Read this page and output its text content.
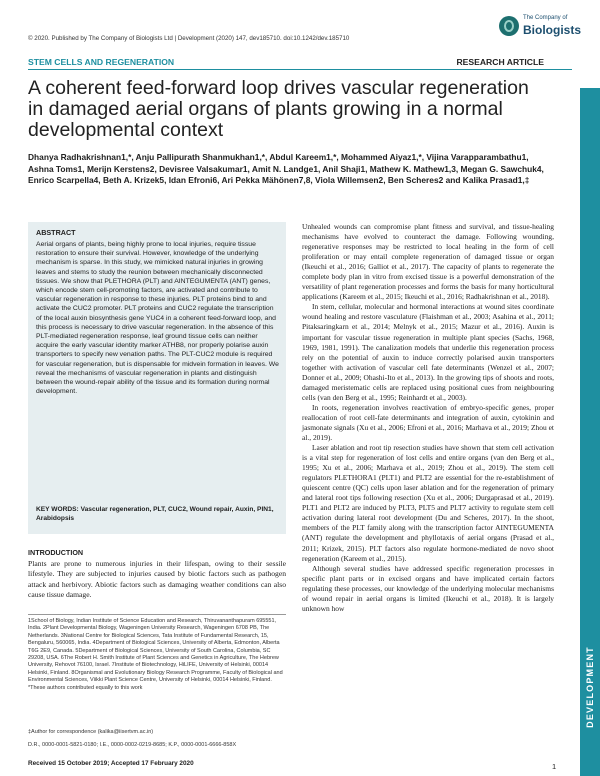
© 2020. Published by The Company of Biologists Ltd | Development (2020) 147, dev185710. doi:10.1242/dev.185710
The Company of
Biologists
STEM CELLS AND REGENERATION	RESEARCH ARTICLE
A coherent feed-forward loop drives vascular regeneration in damaged aerial organs of plants growing in a normal developmental context
Dhanya Radhakrishnan1,*, Anju Pallipurath Shanmukhan1,*, Abdul Kareem1,*, Mohammed Aiyaz1,*, Vijina Varapparambathu1, Ashna Toms1, Merijn Kerstens2, Devisree Valsakumar1, Amit N. Landge1, Anil Shaji1, Mathew K. Mathew1,3, Megan G. Sawchuk4, Enrico Scarpella4, Beth A. Krizek5, Idan Efroni6, Ari Pekka Mähönen7,8, Viola Willemsen2, Ben Scheres2 and Kalika Prasad1,‡
ABSTRACT
Aerial organs of plants, being highly prone to local injuries, require tissue restoration to ensure their survival. However, knowledge of the underlying mechanism is sparse. In this study, we mimicked natural injuries in growing leaves and stems to study the reunion between mechanically disconnected tissues. We show that PLETHORA (PLT) and AINTEGUMENTA (ANT) genes, which encode stem cell-promoting factors, are activated and contribute to vascular regeneration in response to these injuries. PLT proteins bind to and activate the CUC2 promoter. PLT proteins and CUC2 regulate the transcription of the local auxin biosynthesis gene YUC4 in a coherent feed-forward loop, and this process is necessary to drive vascular regeneration. In the absence of this PLT-mediated regeneration response, leaf ground tissue cells can neither acquire the early vascular identity marker ATHB8, nor properly polarise auxin transporters to specify new venation paths. The PLT-CUC2 module is required for vascular regeneration, but is dispensable for midvein formation in leaves. We reveal the mechanisms of vascular regeneration in plants and distinguish between the wound-repair ability of the tissue and its formation during normal development.
KEY WORDS: Vascular regeneration, PLT, CUC2, Wound repair, Auxin, PIN1, Arabidopsis
INTRODUCTION
Plants are prone to numerous injuries in their lifespan, owing to their sessile lifestyle. They are subjected to injuries caused by biotic factors such as pathogen attack and herbivory. Abiotic factors such as damaging weather conditions can also cause tissue damage.
1School of Biology, Indian Institute of Science Education and Research, Thiruvananthapuram 695551, India. 2Plant Developmental Biology, Wageningen University Research, Wageningen 6708 PB, The Netherlands. 3National Centre for Biological Sciences, Tata Institute of Fundamental Research, 15, Bengaluru, 560065, India. 4Department of Biological Sciences, University of Alberta, Edmonton, Alberta T6G 2E9, Canada. 5Department of Biological Sciences, University of South Carolina, Columbia, SC 29208, USA. 6The Robert H. Smith Institute of Plant Sciences and Genetics in Agriculture, The Hebrew University, Rehovot 76100, Israel. 7Institute of Biotechnology, HiLIFE, University of Helsinki, 00014 Helsinki, Finland. 8Organismal and Evolutionary Biology Research Programme, Faculty of Biological and Environmental Sciences, Viikki Plant Science Centre, University of Helsinki, 00014 Helsinki, Finland. *These authors contributed equally to this work
‡Author for correspondence (kalika@iisertvm.ac.in)
D.R., 0000-0001-5821-0180; I.E., 0000-0002-0219-8685; K.P., 0000-0001-6666-858X
Received 15 October 2019; Accepted 17 February 2020

Unhealed wounds can compromise plant fitness and survival, and tissue-healing mechanisms have evolved to counteract the damage. Following wounding, regenerative responses may be restricted to local healing in the form of cell proliferation or may entail complete regeneration of damaged tissue or organ (Ikeuchi et al., 2016; Galliot et al., 2017). The capacity of plants to regenerate the complete body plan in vitro from excised tissue is a powerful demonstration of the versatility of plant regeneration processes and forms the basis for many horticultural applications (Kareem et al., 2015; Ikeuchi et al., 2016; Radhakrishnan et al., 2018).

In stem, cellular, molecular and hormonal interactions at wound sites coordinate wound healing and restore vasculature (Flaishman et al., 2003; Asahina et al., 2011; Pitaksaringkarn et al., 2014; Melnyk et al., 2015; Mazur et al., 2016). Auxin is important for vascular tissue regeneration in multiple plant species (Sachs, 1968, 1969, 1981, 1991). The canalization models that underlie this regeneration process rely on the potential of auxin to induce correctly polarised auxin transporters together with activation of vascular cell fate determinants (Wenzel et al., 2007; Donner et al., 2009; Ohashi-Ito et al., 2013). In the growing tips of shoots and roots, damaged meristematic cells are replaced using positional cues from neighbouring cells (van den Berg et al., 1995; Reinhardt et al., 2003).

In roots, regeneration involves reactivation of embryo-specific genes, proper reallocation of root cell-fate determinants and integration of auxin, cytokinin and jasmonate signals (Xu et al., 2006; Efroni et al., 2016; Marhava et al., 2019; Zhou et al., 2019).

Laser ablation and root tip resection studies have shown that stem cell activation is a vital step for regeneration of lost cells and entire organs (van den Berg et al., 1995; Xu et al., 2006; Marhava et al., 2019; Zhou et al., 2019). The stem cell regulators PLETHORA1 (PLT1) and PLT2 are essential for the re-establishment of quiescent centre (QC) cells upon laser ablation and for the regeneration of primary and lateral root tips following resection (Xu et al., 2006; Durgaprasad et al., 2019). PLT1 and PLT2 are induced by PLT3, PLT5 and PLT7 activity to regulate stem cell activation during lateral root development (Du and Scheres, 2017). In the shoot, members of the PLT family along with the transcription factor AINTEGUMENTA (ANT) regulate the development and phyllotaxis of aerial organs (Prasad et al., 2011; Krizek, 2015). PLT factors also regulate hormone-mediated de novo shoot regeneration (Kareem et al., 2015).

Although several studies have addressed specific regeneration processes in specific plant parts or in excised organs and have implicated certain factors regulating these processes, our knowledge of the underlying molecular mechanisms of wound repair in aerial organs is limited (Ikeuchi et al., 2018). It is largely unknown how

DEVELOPMENT
1
